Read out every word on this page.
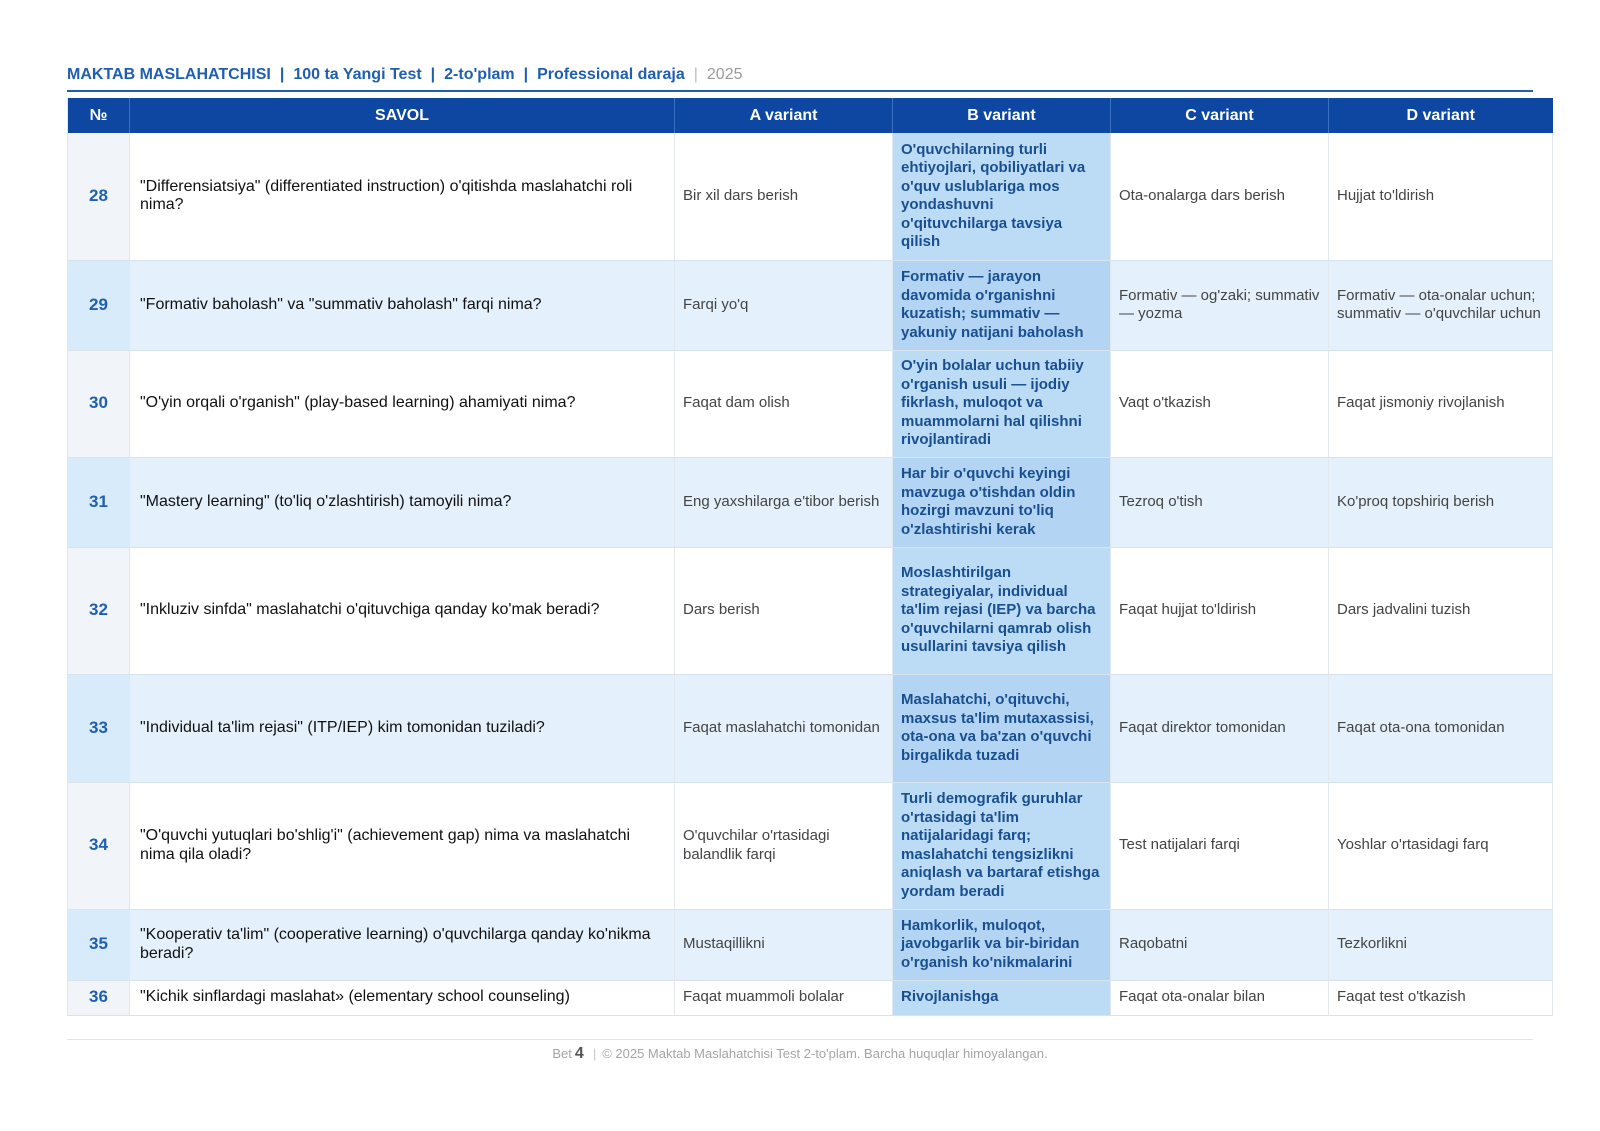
MAKTAB MASLAHATCHISI | 100 ta Yangi Test | 2-to'plam | Professional daraja | 2025
№	SAVOL	A variant	B variant	C variant	D variant
28	"Differensiatsiya" (differentiated instruction) o'qitishda maslahatchi roli nima?	Bir xil dars berish	O'quvchilarning turli ehtiyojlari, qobiliyatlari va o'quv uslublariga mos yondashuvni o'qituvchilarga tavsiya qilish	Ota-onalarga dars berish	Hujjat to'ldirish
29	"Formativ baholash" va "summativ baholash" farqi nima?	Farqi yo'q	Formativ — jarayon davomida o'rganishni kuzatish; summativ — yakuniy natijani baholash	Formativ — og'zaki; summativ — yozma	Formativ — ota-onalar uchun; summativ — o'quvchilar uchun
30	"O'yin orqali o'rganish" (play-based learning) ahamiyati nima?	Faqat dam olish	O'yin bolalar uchun tabiiy o'rganish usuli — ijodiy fikrlash, muloqot va muammolarni hal qilishni rivojlantiradi	Vaqt o'tkazish	Faqat jismoniy rivojlanish
31	"Mastery learning" (to'liq o'zlashtirish) tamoyili nima?	Eng yaxshilarga e'tibor berish	Har bir o'quvchi keyingi mavzuga o'tishdan oldin hozirgi mavzuni to'liq o'zlashtirishi kerak	Tezroq o'tish	Ko'proq topshiriq berish
32	"Inkluziv sinfda" maslahatchi o'qituvchiga qanday ko'mak beradi?	Dars berish	Moslashtirilgan strategiyalar, individual ta'lim rejasi (IEP) va barcha o'quvchilarni qamrab olish usullarini tavsiya qilish	Faqat hujjat to'ldirish	Dars jadvalini tuzish
33	"Individual ta'lim rejasi" (ITP/IEP) kim tomonidan tuziladi?	Faqat maslahatchi tomonidan	Maslahatchi, o'qituvchi, maxsus ta'lim mutaxassisi, ota-ona va ba'zan o'quvchi birgalikda tuzadi	Faqat direktor tomonidan	Faqat ota-ona tomonidan
34	"O'quvchi yutuqlari bo'shlig'i" (achievement gap) nima va maslahatchi nima qila oladi?	O'quvchilar o'rtasidagi balandlik farqi	Turli demografik guruhlar o'rtasidagi ta'lim natijalaridagi farq; maslahatchi tengsizlikni aniqlash va bartaraf etishga yordam beradi	Test natijalari farqi	Yoshlar o'rtasidagi farq
35	"Kooperativ ta'lim" (cooperative learning) o'quvchilarga qanday ko'nikma beradi?	Mustaqillikni	Hamkorlik, muloqot, javobgarlik va bir-biridan o'rganish ko'nikmalarini	Raqobatni	Tezkorlikni
36	"Kichik sinflardagi maslahat» (elementary school counseling)	Faqat muammoli bolalar	Rivojlanishga	Faqat ota-onalar bilan	Faqat test o'tkazish
Bet 4 | © 2025 Maktab Maslahatchisi Test 2-to'plam. Barcha huquqlar himoyalangan.
